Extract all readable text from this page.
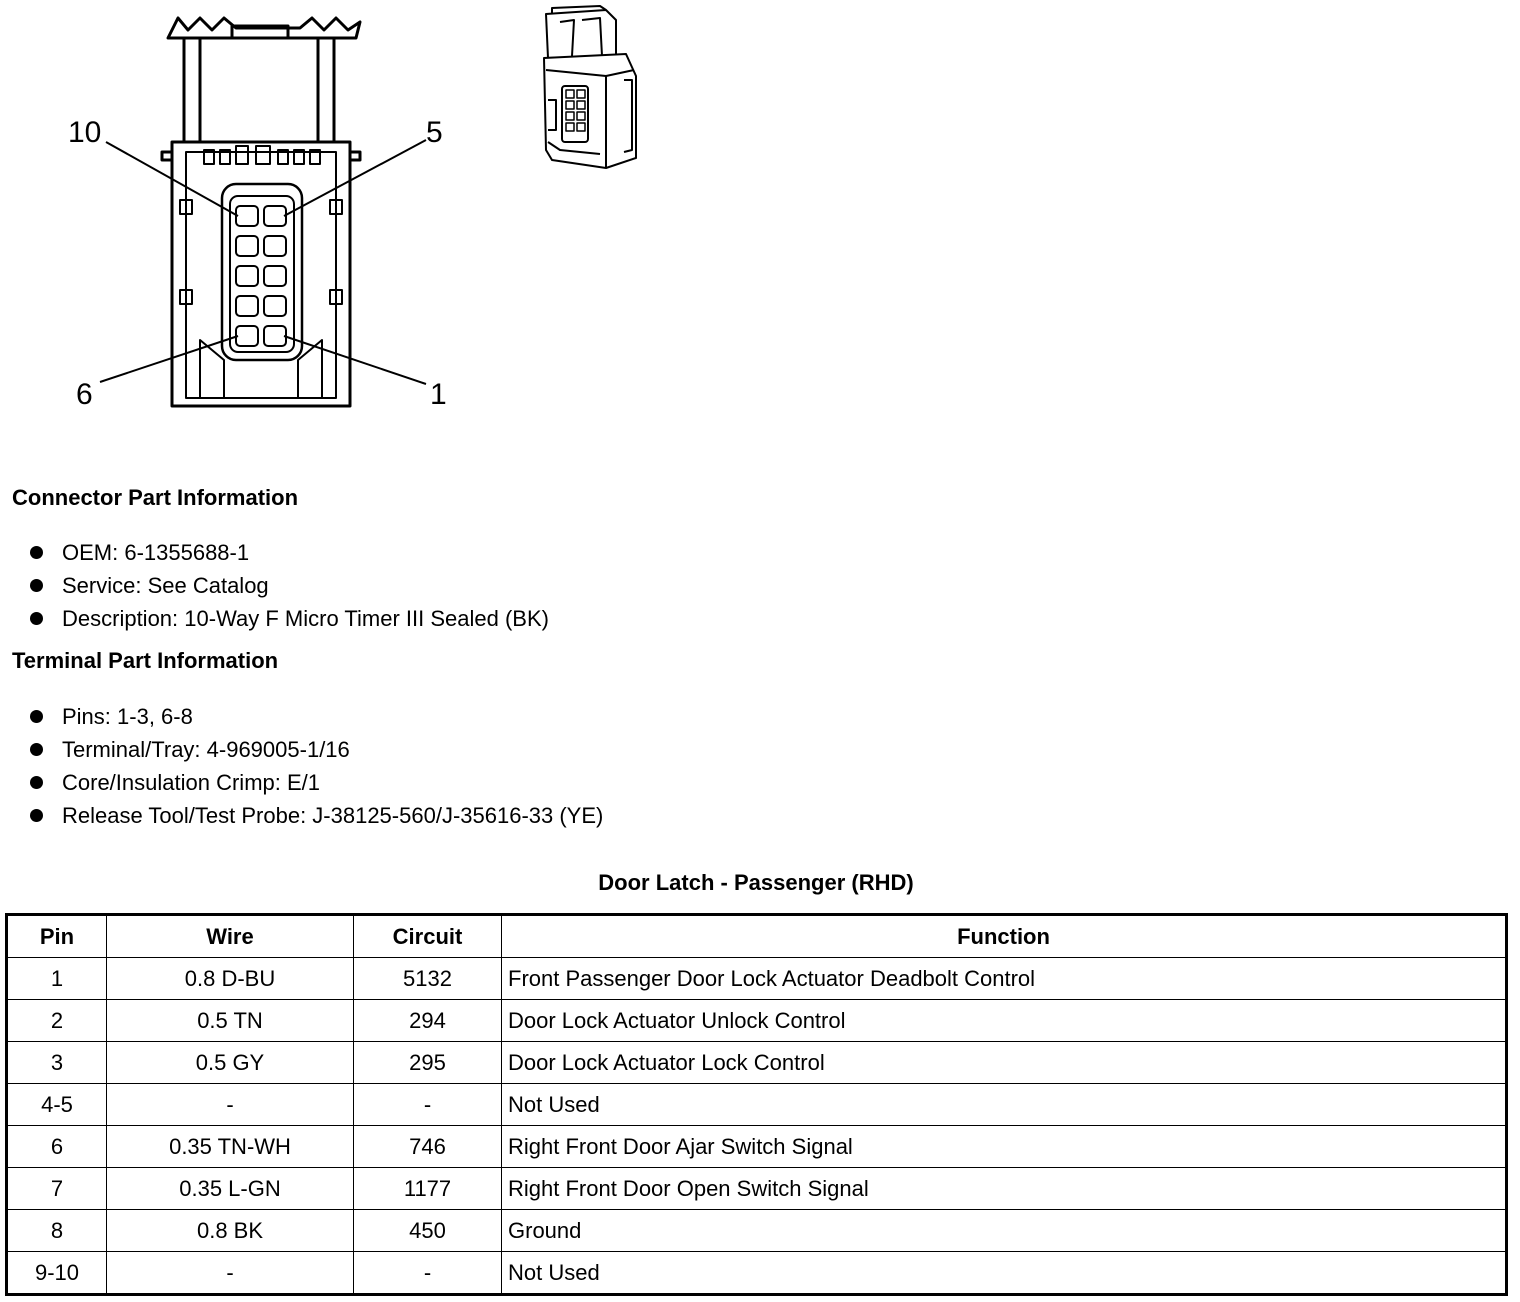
10	5
6	1
Connector Part Information
OEM: 6-1355688-1
Service: See Catalog
Description: 10-Way F Micro Timer III Sealed (BK)
Terminal Part Information
Pins: 1-3, 6-8
Terminal/Tray: 4-969005-1/16
Core/Insulation Crimp: E/1
Release Tool/Test Probe: J-38125-560/J-35616-33 (YE)
Door Latch - Passenger (RHD)
Pin	Wire	Circuit	Function
1	0.8 D-BU	5132	Front Passenger Door Lock Actuator Deadbolt Control
2	0.5 TN	294	Door Lock Actuator Unlock Control
3	0.5 GY	295	Door Lock Actuator Lock Control
4-5	-	-	Not Used
6	0.35 TN-WH	746	Right Front Door Ajar Switch Signal
7	0.35 L-GN	1177	Right Front Door Open Switch Signal
8	0.8 BK	450	Ground
9-10	-	-	Not Used
